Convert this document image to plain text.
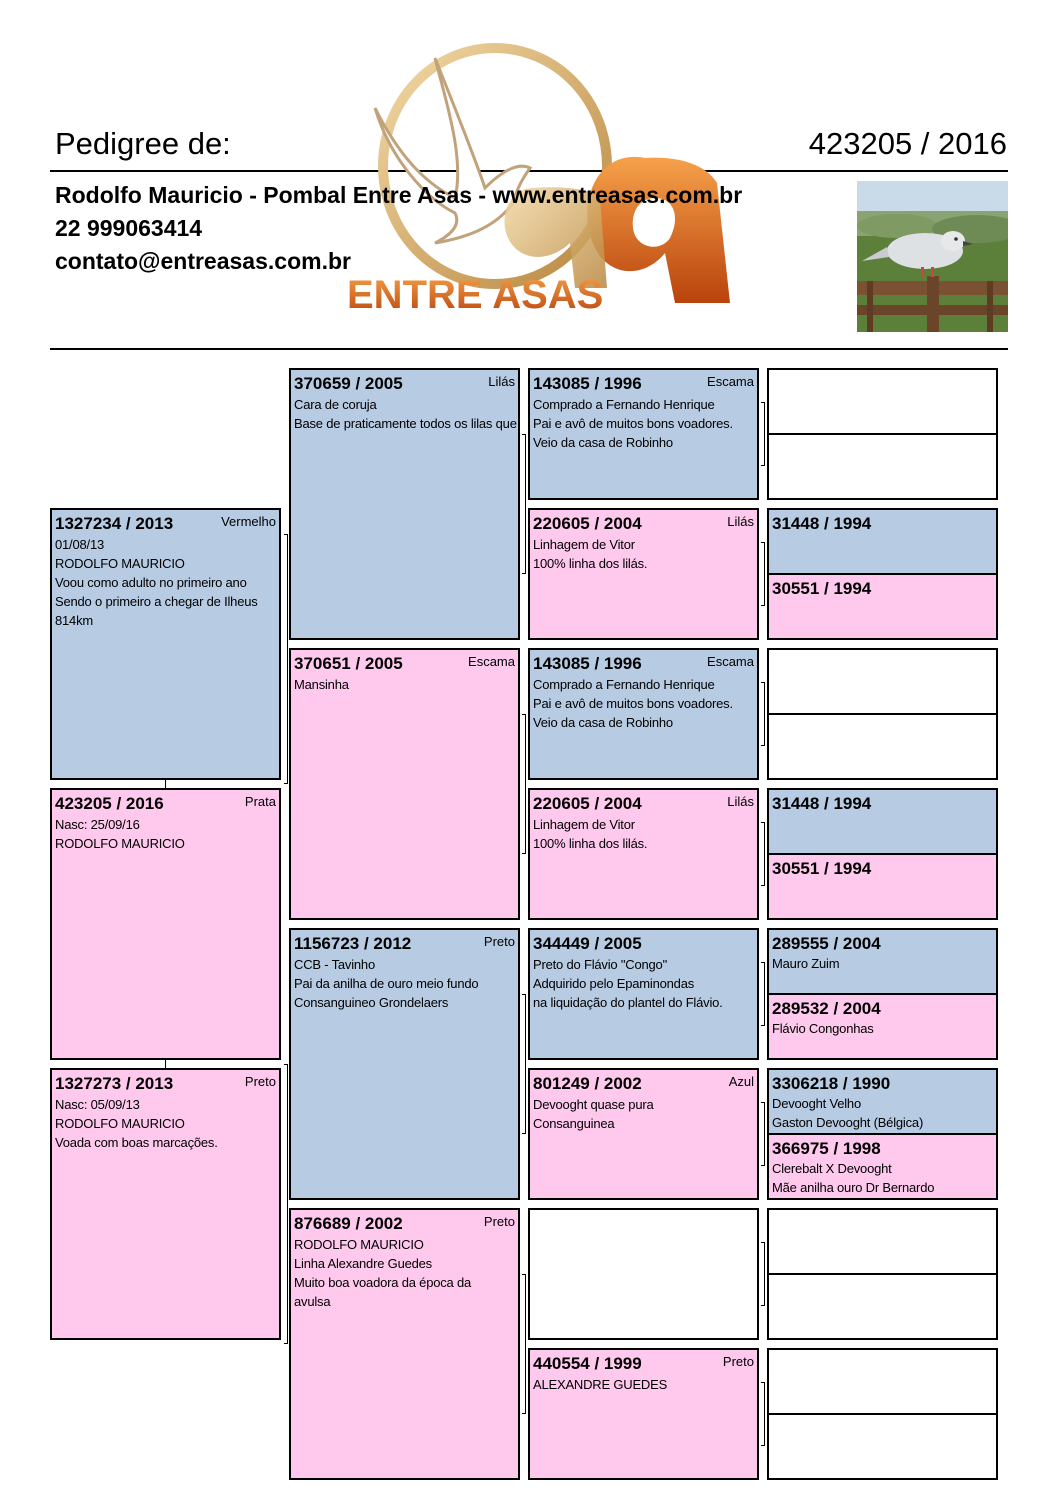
Pedigree de:	423205 / 2016
ENTRE ASAS
Rodolfo Mauricio - Pombal Entre Asas - www.entreasas.com.br
22 999063414
contato@entreasas.com.br
1327234 / 2013	Vermelho
01/08/13
RODOLFO MAURICIO
Voou como adulto no primeiro ano
Sendo o primeiro a chegar de Ilheus
814km
423205 / 2016	Prata
Nasc: 25/09/16
RODOLFO MAURICIO
1327273 / 2013	Preto
Nasc: 05/09/13
RODOLFO MAURICIO
Voada com boas marcações.
370659 / 2005	Lilás
Cara de coruja
Base de praticamente todos os lilas que
370651 / 2005	Escama
Mansinha
1156723 / 2012	Preto
CCB - Tavinho
Pai da anilha de ouro meio fundo
Consanguineo Grondelaers
876689 / 2002	Preto
RODOLFO MAURICIO
Linha Alexandre Guedes
Muito boa voadora da época da
avulsa
143085 / 1996	Escama
Comprado a Fernando Henrique
Pai e avô de muitos bons voadores.
Veio da casa de Robinho
220605 / 2004	Lilás
Linhagem de Vitor
100% linha dos lilás.
143085 / 1996	Escama
Comprado a Fernando Henrique
Pai e avô de muitos bons voadores.
Veio da casa de Robinho
220605 / 2004	Lilás
Linhagem de Vitor
100% linha dos lilás.
344449 / 2005
Preto do Flávio "Congo"
Adquirido pelo Epaminondas
na liquidação do plantel do Flávio.
801249 / 2002	Azul
Devooght quase pura
Consanguinea
440554 / 1999	Preto
ALEXANDRE GUEDES
31448 / 1994
30551 / 1994
31448 / 1994
30551 / 1994
289555 / 2004
Mauro Zuim
289532 / 2004
Flávio Congonhas
3306218 / 1990
Devooght Velho
Gaston Devooght (Bélgica)
366975 / 1998
Clerebalt X Devooght
Mãe anilha ouro Dr Bernardo
